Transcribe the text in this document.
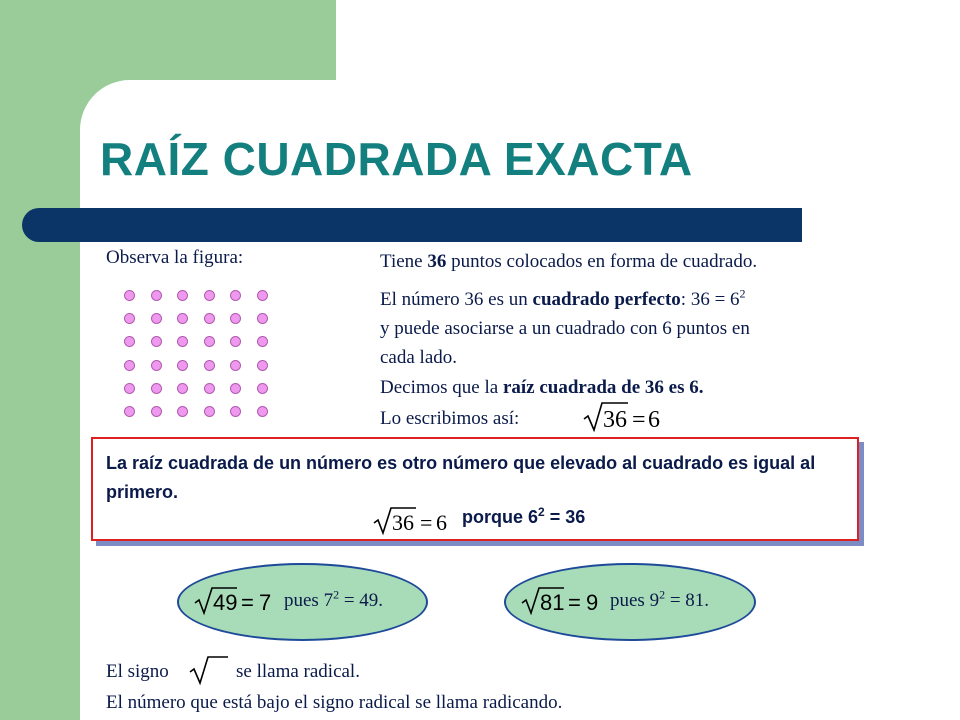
RAÍZ CUADRADA EXACTA
Observa la figura:	Tiene 36 puntos colocados en forma de cuadrado.
El número 36 es un cuadrado perfecto: $36 = 6^2$
y puede asociarse a un cuadrado con 6 puntos en
cada lado.
Decimos que la raíz cuadrada de 36 es 6.
Lo escribimos así:	36 = 6
La raíz cuadrada de un número es otro número que elevado al cuadrado es igual al primero.
36 = 6 porque $6^2 = 36$
49 = 7 pues $7^2 = 49$.	81 = 9 pues $9^2 = 81$.
El signo	se llama radical.
El número que está bajo el signo radical se llama radicando.
